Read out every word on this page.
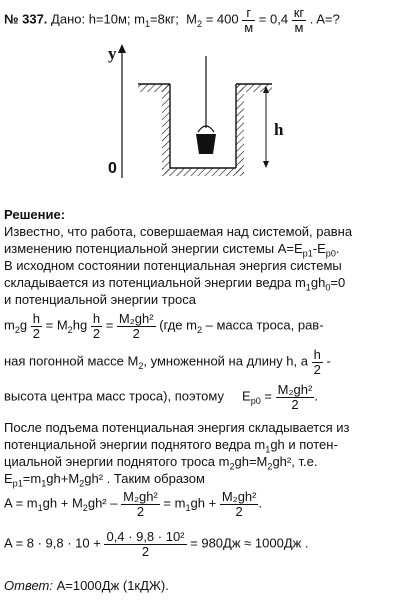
№ 337. Дано: h=10м; $m_1=8кг$; $M_2 = 400 \frac{г}{м} = 0,4 \frac{кг}{м}$ . A=?
y
h
0
Решение:
Известно, что работа, совершаемая над системой, равна
изменению потенциальной энергии системы $A=E_{p1}-E_{p0}$.
В исходном состоянии потенциальная энергия системы
складывается из потенциальной энергии ведра $m_1gh_0=0$
и потенциальной энергии троса
$m_2g \frac{h}{2} = M_2hg \frac{h}{2} = \frac{\text{M₂gh²}}{2} (где$ $m_2$ – масса троса, рав-
ная погонной массе $M_2$, умноженной на длину h, а $\frac{h}{2}$ -
высота центра масс троса), поэтому $E_{p0} = \frac{\text{M₂gh²}}{2}$ .
После подъема потенциальная энергия складывается из
потенциальной энергии поднятого ведра $m_1gh$ и потен-
циальной энергии поднятого троса $m_2gh=M_2gh^2$, т.е.
$E_{p1}=m_1gh+M_2gh^2$ . Таким образом
$A = m_1gh + M_2gh^2 - \frac{\text{M₂gh²}}{2} = m_1gh + \frac{\text{M₂gh²}}{2}$ .
$A = 8 \cdot 9,8 \cdot 10 + \frac{\text{0,4 · 9,8 · 10²}}{2} = 980Дж \approx 1000Дж$ .
Ответ: A=1000Дж (1кДЖ).
